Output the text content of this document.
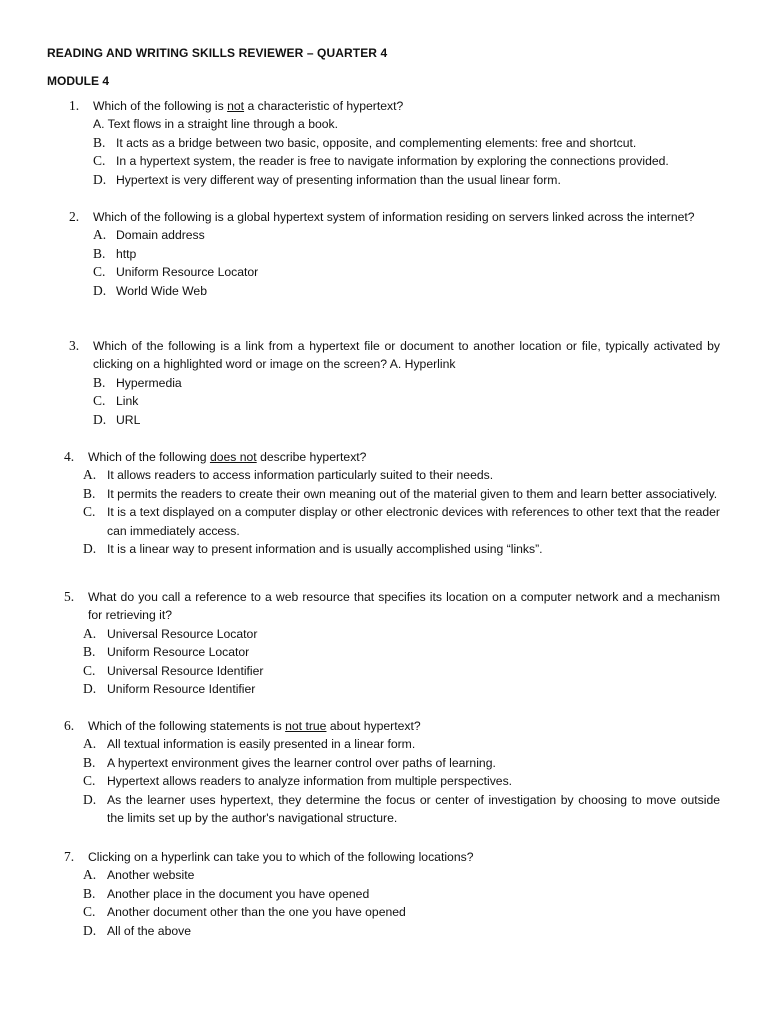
READING AND WRITING SKILLS REVIEWER – QUARTER 4
MODULE 4
1. Which of the following is not a characteristic of hypertext?
A. Text flows in a straight line through a book.
B. It acts as a bridge between two basic, opposite, and complementing elements: free and shortcut.
C. In a hypertext system, the reader is free to navigate information by exploring the connections provided.
D. Hypertext is very different way of presenting information than the usual linear form.
2. Which of the following is a global hypertext system of information residing on servers linked across the internet?
A. Domain address
B. http
C. Uniform Resource Locator
D. World Wide Web
3. Which of the following is a link from a hypertext file or document to another location or file, typically activated by clicking on a highlighted word or image on the screen? A. Hyperlink
B. Hypermedia
C. Link
D. URL
4. Which of the following does not describe hypertext?
A. It allows readers to access information particularly suited to their needs.
B. It permits the readers to create their own meaning out of the material given to them and learn better associatively.
C. It is a text displayed on a computer display or other electronic devices with references to other text that the reader can immediately access.
D. It is a linear way to present information and is usually accomplished using “links”.
5. What do you call a reference to a web resource that specifies its location on a computer network and a mechanism for retrieving it?
A. Universal Resource Locator
B. Uniform Resource Locator
C. Universal Resource Identifier
D. Uniform Resource Identifier
6. Which of the following statements is not true about hypertext?
A. All textual information is easily presented in a linear form.
B. A hypertext environment gives the learner control over paths of learning.
C. Hypertext allows readers to analyze information from multiple perspectives.
D. As the learner uses hypertext, they determine the focus or center of investigation by choosing to move outside the limits set up by the author's navigational structure.
7. Clicking on a hyperlink can take you to which of the following locations?
A. Another website
B. Another place in the document you have opened
C. Another document other than the one you have opened
D. All of the above
